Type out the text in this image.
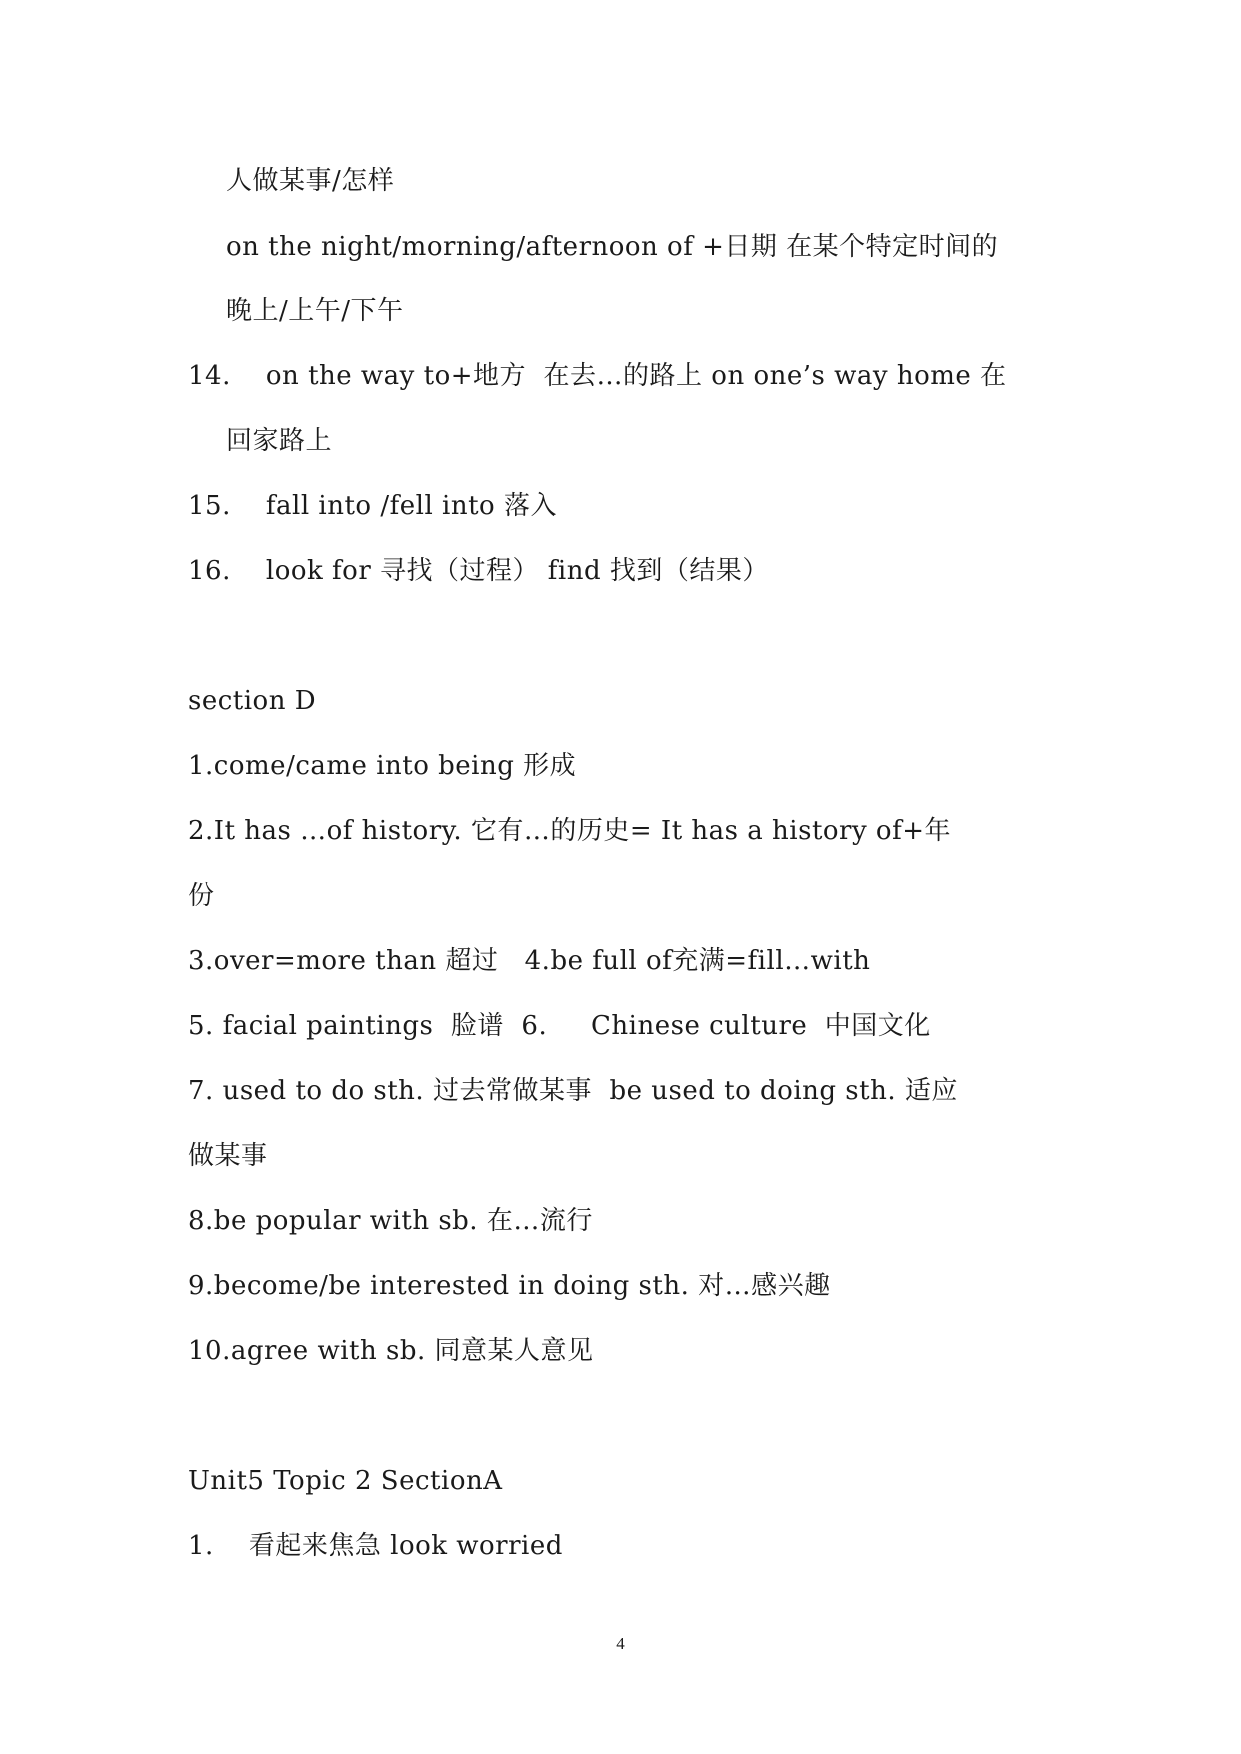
人做某事/怎样
on the night/morning/afternoon of +日期 在某个特定时间的
晚上/上午/下午
14.    on the way to+地方  在去…的路上 on one’s way home 在
回家路上
15.    fall into /fell into 落入
16.    look for 寻找（过程） find 找到（结果）
section D
1.come/came into being 形成
2.It has …of history. 它有…的历史= It has a history of+年
份
3.over=more than 超过   4.be full of充满=fill…with
5. facial paintings  脸谱  6.     Chinese culture  中国文化
7. used to do sth. 过去常做某事  be used to doing sth. 适应
做某事
8.be popular with sb. 在…流行
9.become/be interested in doing sth. 对…感兴趣
10.agree with sb. 同意某人意见
Unit5 Topic 2 SectionA
1.    看起来焦急 look worried
4
